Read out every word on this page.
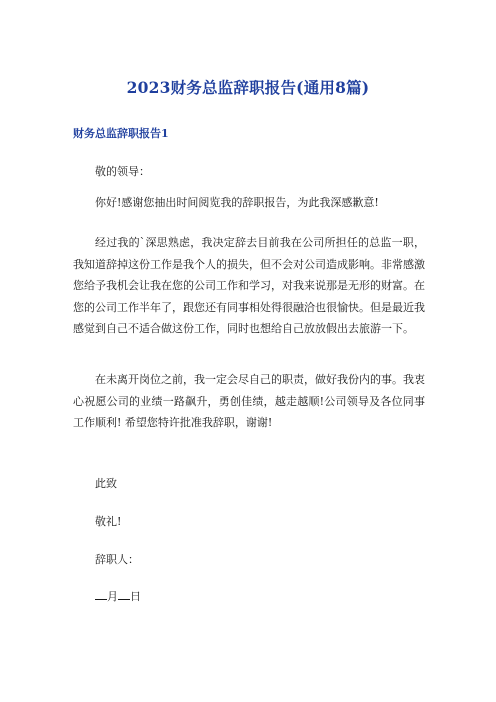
2023财务总监辞职报告(通用8篇)
财务总监辞职报告1
敬的领导：
你好!感谢您抽出时间阅览我的辞职报告，为此我深感歉意!
经过我的`深思熟虑，我决定辞去目前我在公司所担任的总监一职，我知道辞掉这份工作是我个人的损失，但不会对公司造成影响。非常感激您给予我机会让我在您的公司工作和学习，对我来说那是无形的财富。在您的公司工作半年了，跟您还有同事相处得很融洽也很愉快。但是最近我感觉到自己不适合做这份工作，同时也想给自己放放假出去旅游一下。
在未离开岗位之前，我一定会尽自己的职责，做好我份内的事。我衷心祝愿公司的业绩一路飙升，勇创佳绩，越走越顺!公司领导及各位同事工作顺利! 希望您特许批准我辞职，谢谢!
此致
敬礼!
辞职人：
月 日
